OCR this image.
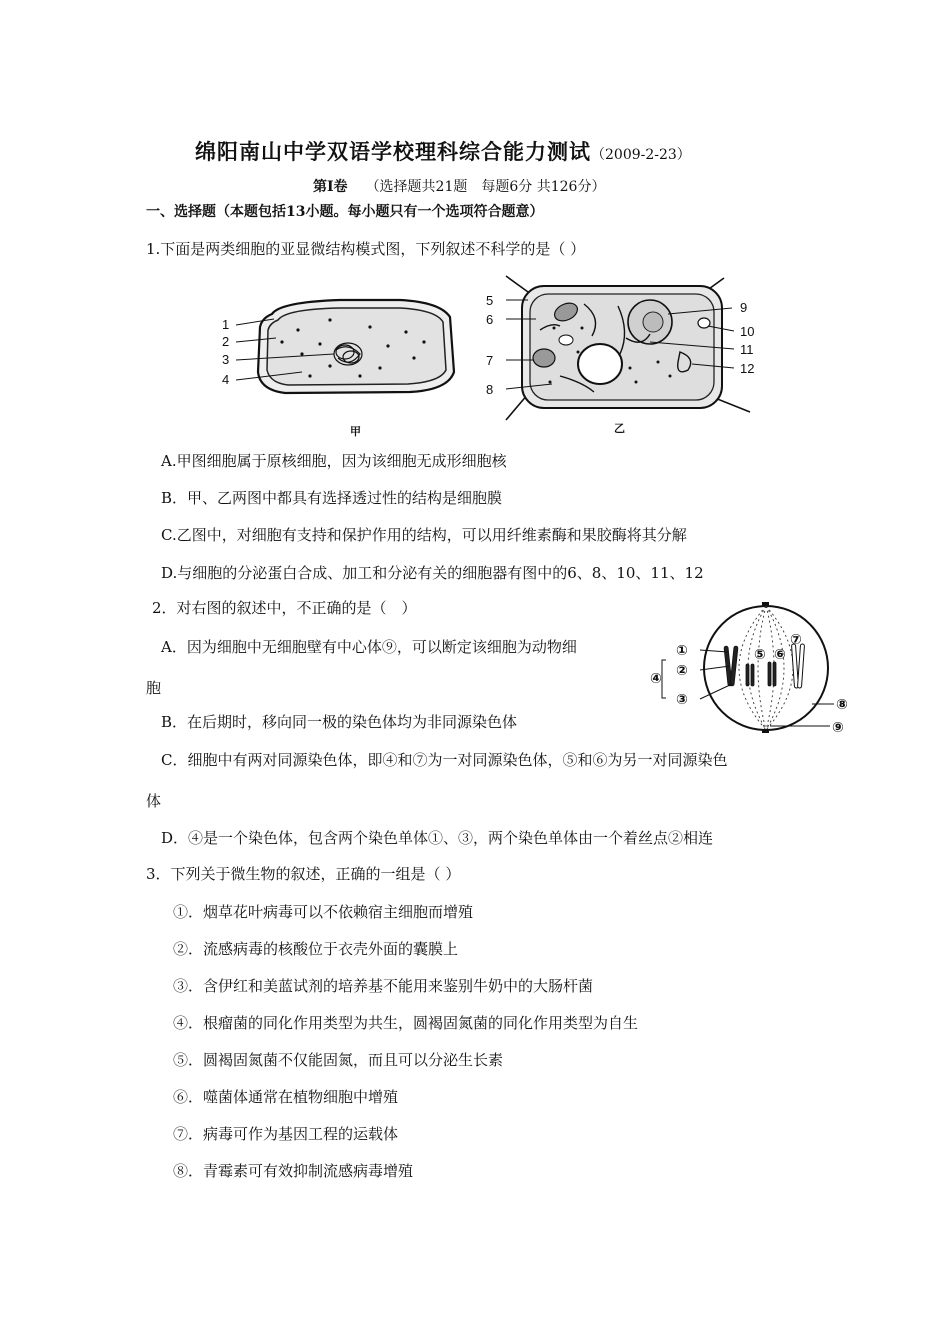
绵阳南山中学双语学校理科综合能力测试（2009-2-23）
第Ⅰ卷 （选择题共21题　每题6分 共126分）
一、选择题（本题包括13小题。每小题只有一个选项符合题意）
1.下面是两类细胞的亚显微结构模式图，下列叙述不科学的是（ ）
1
2
3
4
甲
5
6
7
8
9
10
11
12
乙
A.甲图细胞属于原核细胞，因为该细胞无成形细胞核
B．甲、乙两图中都具有选择透过性的结构是细胞膜
C.乙图中，对细胞有支持和保护作用的结构，可以用纤维素酶和果胶酶将其分解
D.与细胞的分泌蛋白合成、加工和分泌有关的细胞器有图中的6、8、10、11、12
2．对右图的叙述中，不正确的是（　）
A．因为细胞中无细胞壁有中心体⑨，可以断定该细胞为动物细
胞
B．在后期时，移向同一极的染色体均为非同源染色体
C．细胞中有两对同源染色体，即④和⑦为一对同源染色体，⑤和⑥为另一对同源染色
体
D．④是一个染色体，包含两个染色单体①、③，两个染色单体由一个着丝点②相连
①
②
③
④
⑤ ⑥
⑦
⑧
⑨
3．下列关于微生物的叙述，正确的一组是（ ）
①．烟草花叶病毒可以不依赖宿主细胞而增殖
②．流感病毒的核酸位于衣壳外面的囊膜上
③．含伊红和美蓝试剂的培养基不能用来鉴别牛奶中的大肠杆菌
④．根瘤菌的同化作用类型为共生，圆褐固氮菌的同化作用类型为自生
⑤．圆褐固氮菌不仅能固氮，而且可以分泌生长素
⑥．噬菌体通常在植物细胞中增殖
⑦．病毒可作为基因工程的运载体
⑧．青霉素可有效抑制流感病毒增殖
